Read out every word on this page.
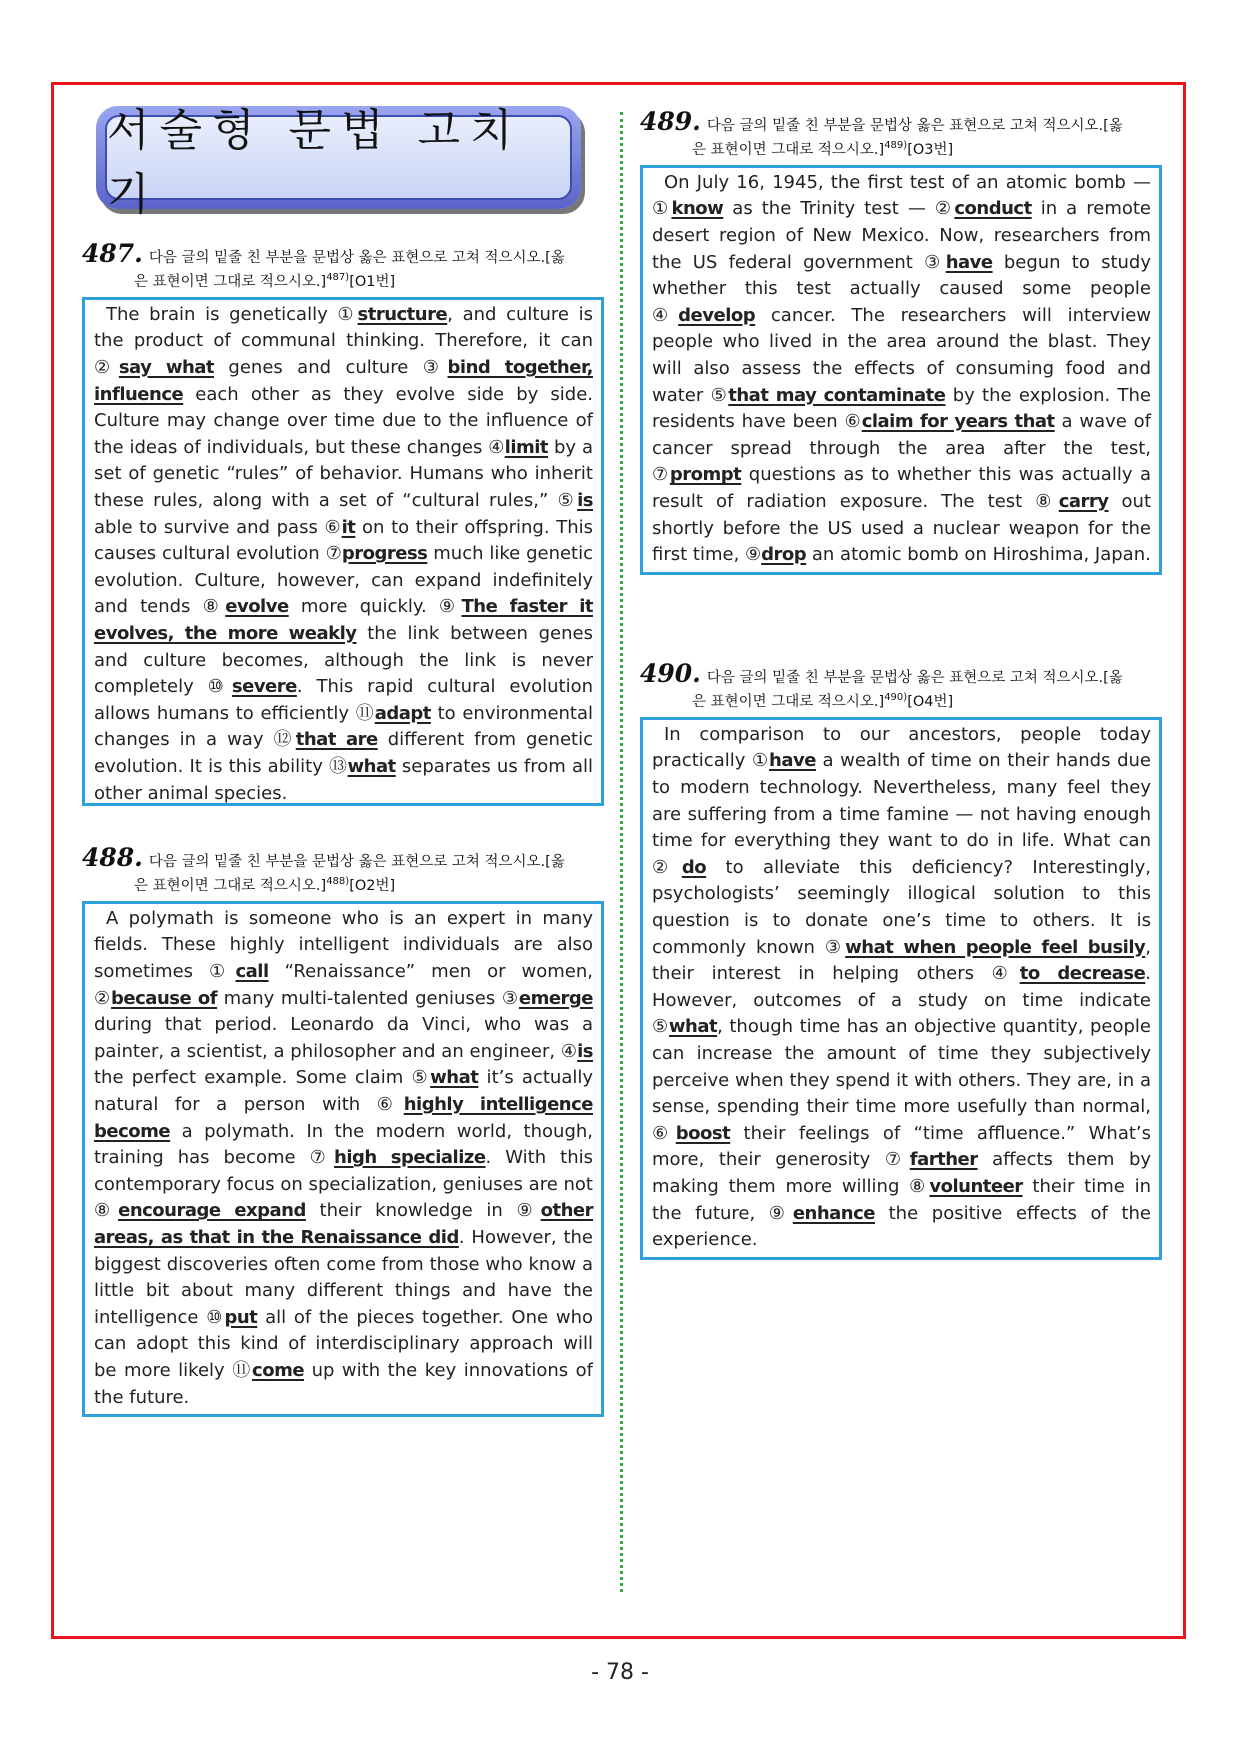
서술형 문법 고치기
487. 다음 글의 밑줄 친 부분을 문법상 옳은 표현으로 고쳐 적으시오.[옳
은 표현이면 그대로 적으시오.]$^{487)}$[O1번]

The brain is genetically ①structure, and culture is the product of communal thinking. Therefore, it can ②say what genes and culture ③bind together, influence each other as they evolve side by side. Culture may change over time due to the influence of the ideas of individuals, but these changes ④limit by a set of genetic “rules” of behavior. Humans who inherit these rules, along with a set of “cultural rules,” ⑤is able to survive and pass ⑥it on to their offspring. This causes cultural evolution ⑦progress much like genetic evolution. Culture, however, can expand indefinitely and tends ⑧evolve more quickly. ⑨The faster it evolves, the more weakly the link between genes and culture becomes, although the link is never completely ⑩severe. This rapid cultural evolution allows humans to efficiently ⑪adapt to environmental changes in a way ⑫that are different from genetic evolution. It is this ability ⑬what separates us from all other animal species.

488. 다음 글의 밑줄 친 부분을 문법상 옳은 표현으로 고쳐 적으시오.[옳
은 표현이면 그대로 적으시오.]$^{488)}$[O2번]

A polymath is someone who is an expert in many fields. These highly intelligent individuals are also sometimes ①call “Renaissance” men or women, ②because of many multi-talented geniuses ③emerge during that period. Leonardo da Vinci, who was a painter, a scientist, a philosopher and an engineer, ④is the perfect example. Some claim ⑤what it’s actually natural for a person with ⑥highly intelligence become a polymath. In the modern world, though, training has become ⑦high specialize. With this contemporary focus on specialization, geniuses are not ⑧encourage expand their knowledge in ⑨other areas, as that in the Renaissance did. However, the biggest discoveries often come from those who know a little bit about many different things and have the intelligence ⑩put all of the pieces together. One who can adopt this kind of interdisciplinary approach will be more likely ⑪come up with the key innovations of the future.

489. 다음 글의 밑줄 친 부분을 문법상 옳은 표현으로 고쳐 적으시오.[옳
은 표현이면 그대로 적으시오.]$^{489)}$[O3번]

On July 16, 1945, the first test of an atomic bomb — ①know as the Trinity test — ②conduct in a remote desert region of New Mexico. Now, researchers from the US federal government ③have begun to study whether this test actually caused some people ④develop cancer. The researchers will interview people who lived in the area around the blast. They will also assess the effects of consuming food and water ⑤that may contaminate by the explosion. The residents have been ⑥claim for years that a wave of cancer spread through the area after the test, ⑦prompt questions as to whether this was actually a result of radiation exposure. The test ⑧carry out shortly before the US used a nuclear weapon for the first time, ⑨drop an atomic bomb on Hiroshima, Japan.

490. 다음 글의 밑줄 친 부분을 문법상 옳은 표현으로 고쳐 적으시오.[옳
은 표현이면 그대로 적으시오.]$^{490)}$[O4번]

In comparison to our ancestors, people today practically ①have a wealth of time on their hands due to modern technology. Nevertheless, many feel they are suffering from a time famine — not having enough time for everything they want to do in life. What can ②do to alleviate this deficiency? Interestingly, psychologists’ seemingly illogical solution to this question is to donate one’s time to others. It is commonly known ③what when people feel busily, their interest in helping others ④to decrease. However, outcomes of a study on time indicate ⑤what, though time has an objective quantity, people can increase the amount of time they subjectively perceive when they spend it with others. They are, in a sense, spending their time more usefully than normal, ⑥boost their feelings of “time affluence.” What’s more, their generosity ⑦farther affects them by making them more willing ⑧volunteer their time in the future, ⑨enhance the positive effects of the experience.

- 78 -
